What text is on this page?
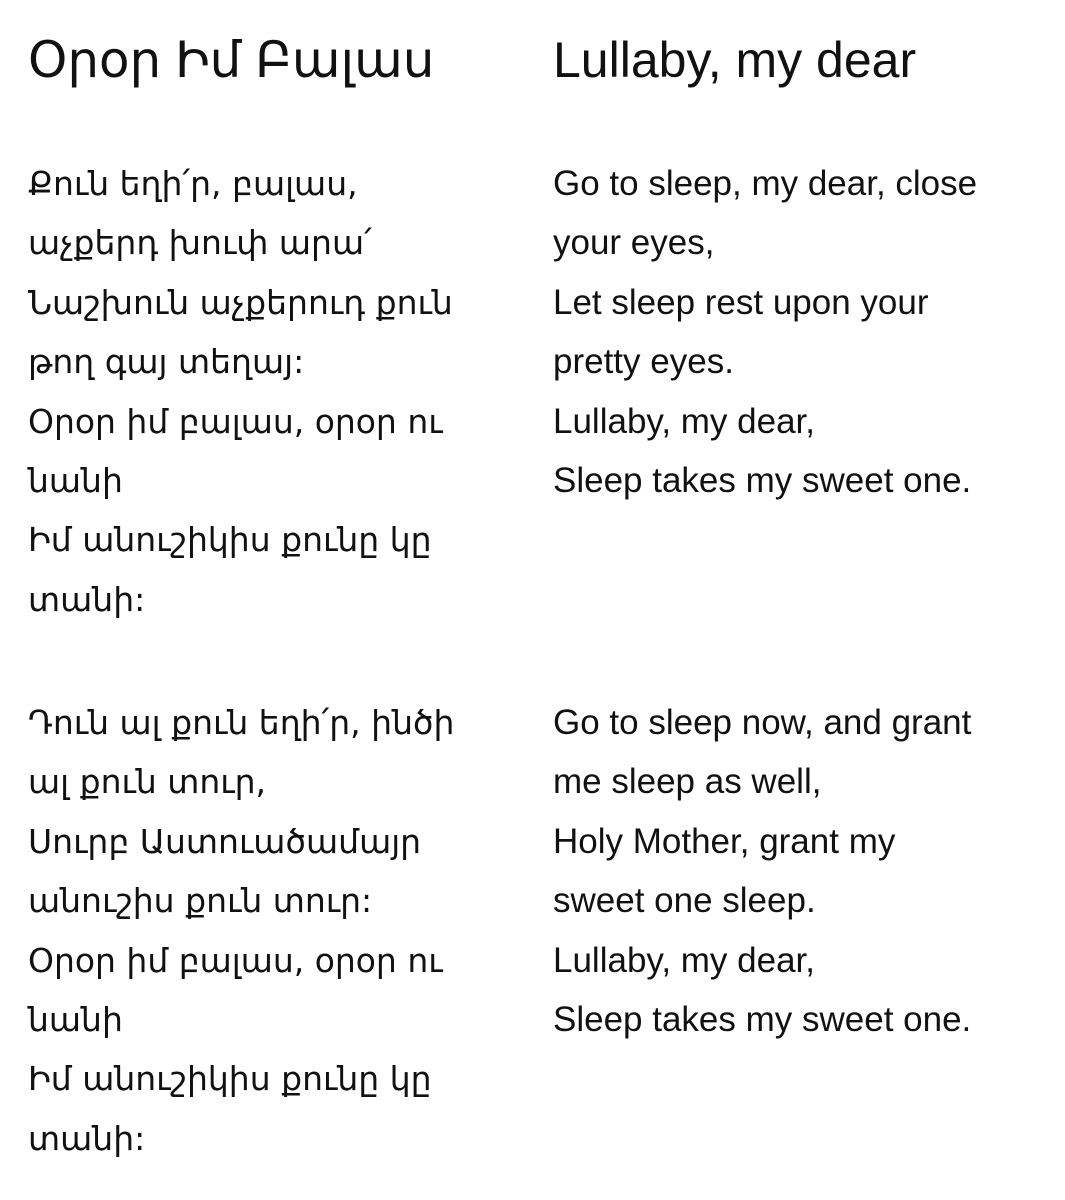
Օրօր Իմ Բալաս
Քուն եղի՛ր, բալաս,
աչքերդ խուփ արա՛
Նաշխուն աչքերուդ քուն
թող գայ տեղայ:
Օրօր իմ բալաս, օրօր ու
նանի
Իմ անուշիկիս քունը կը
տանի:
Դուն ալ քուն եղի՛ր, ինծի
ալ քուն տուր,
Սուրբ Աստուածամայր
անուշիս քուն տուր:
Օրօր իմ բալաս, օրօր ու
նանի
Իմ անուշիկիս քունը կը
տանի:
Lullaby, my dear
Go to sleep, my dear, close
your eyes,
Let sleep rest upon your
pretty eyes.
Lullaby, my dear,
Sleep takes my sweet one.
Go to sleep now, and grant
me sleep as well,
Holy Mother, grant my
sweet one sleep.
Lullaby, my dear,
Sleep takes my sweet one.
